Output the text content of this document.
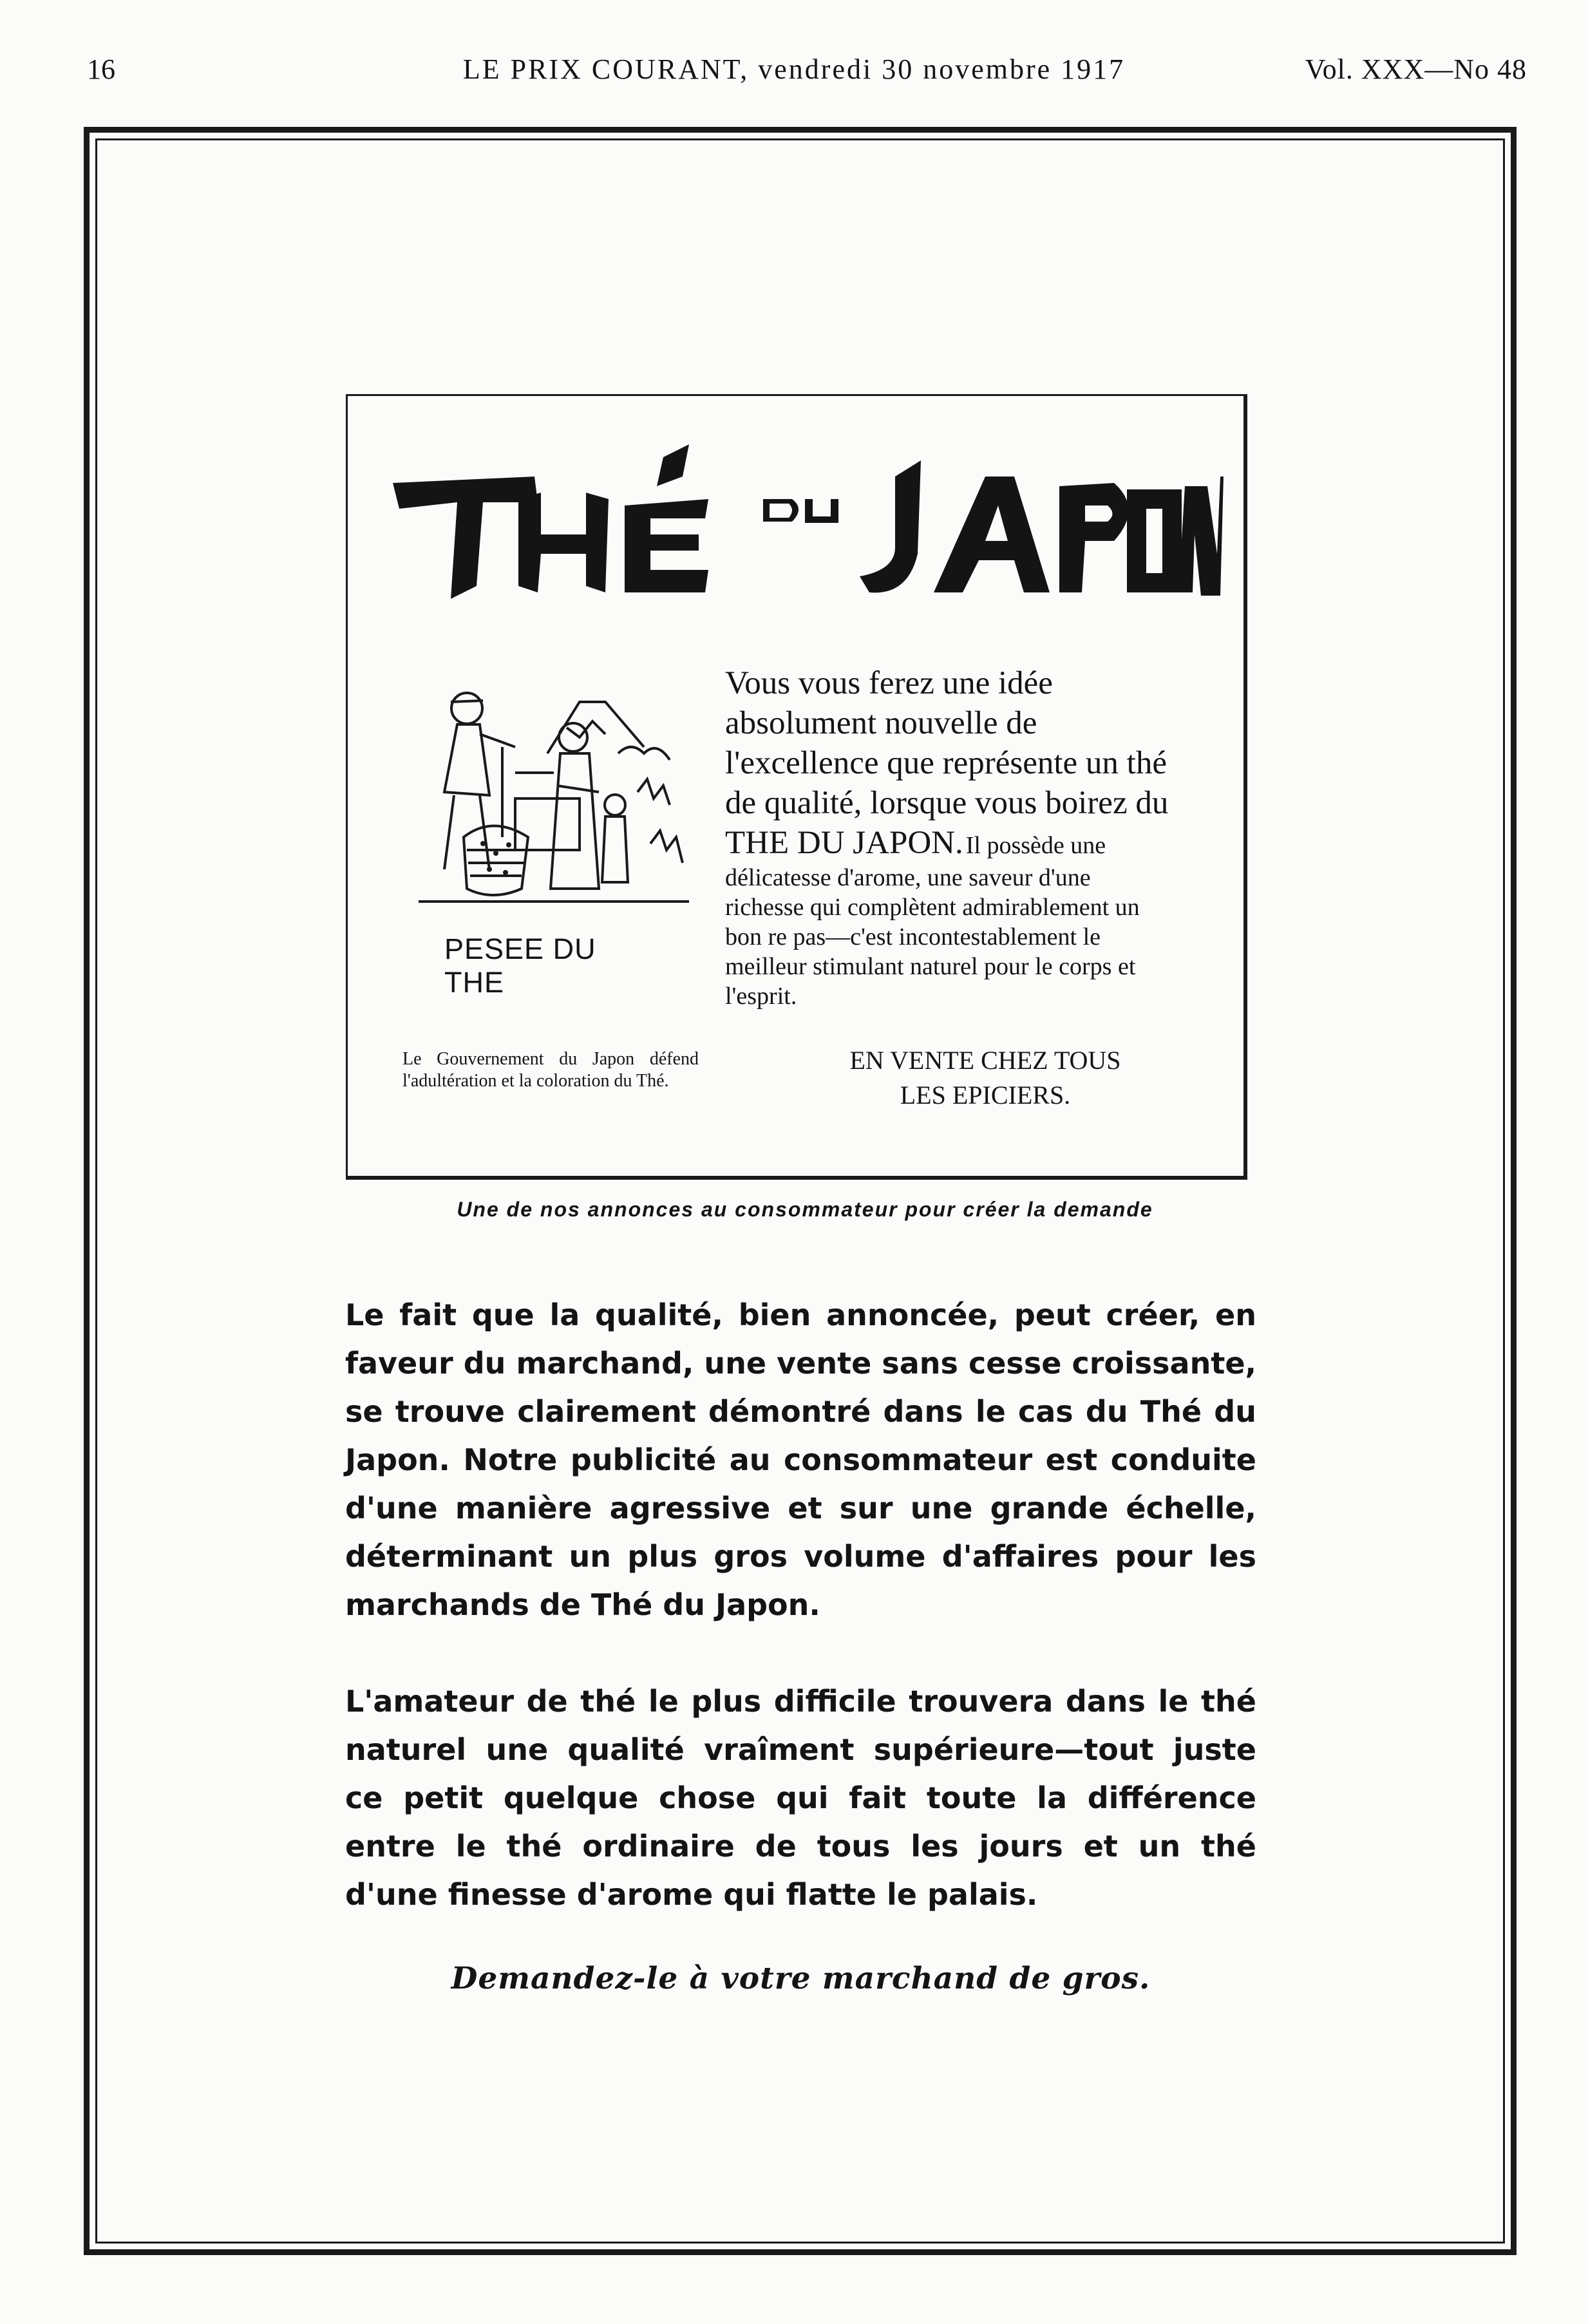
16	LE PRIX COURANT, vendredi 30 novembre 1917	Vol. XXX—No 48
PESEE DU THE
Vous vous ferez une idée absolument nouvelle de l'excellence que représente un thé de qualité, lorsque vous boirez du THE DU JAPON. Il possède une délicatesse d'arome, une saveur d'une richesse qui complètent admirablement un bon re pas—c'est incontestablement le meilleur stimulant naturel pour le corps et l'esprit.
Le Gouvernement du Japon défend l'adultération et la coloration du Thé.
EN VENTE CHEZ TOUS LES EPICIERS.
Une de nos annonces au consommateur pour créer la demande
Le fait que la qualité, bien annoncée, peut créer, en faveur du marchand, une vente sans cesse croissante, se trouve clairement démontré dans le cas du Thé du Japon. Notre publicité au consommateur est conduite d'une manière agressive et sur une grande échelle, déterminant un plus gros volume d'affaires pour les marchands de Thé du Japon.
L'amateur de thé le plus difficile trouvera dans le thé naturel une qualité vraîment supérieure—tout juste ce petit quelque chose qui fait toute la différence entre le thé ordinaire de tous les jours et un thé d'une finesse d'arome qui flatte le palais.
Demandez-le à votre marchand de gros.
